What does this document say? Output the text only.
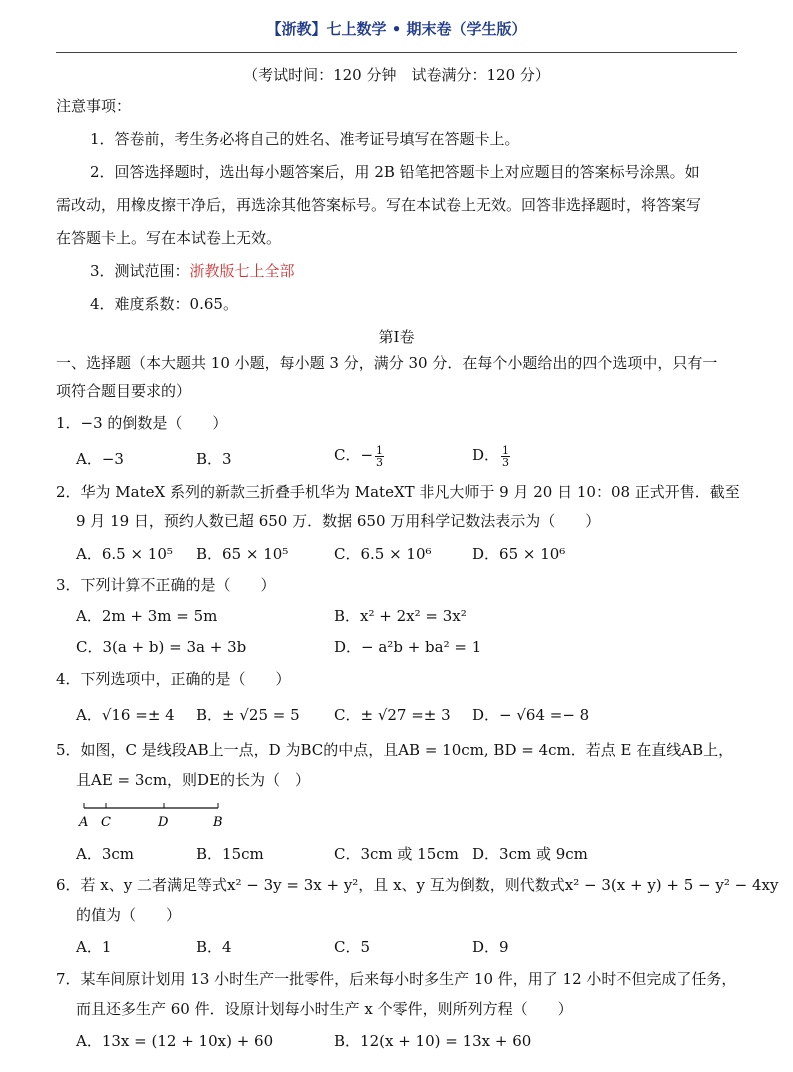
【浙教】七上数学 • 期末卷（学生版）
（考试时间：120 分钟　试卷满分：120 分）
注意事项：
1．答卷前，考生务必将自己的姓名、准考证号填写在答题卡上。
2．回答选择题时，选出每小题答案后，用 2B 铅笔把答题卡上对应题目的答案标号涂黑。如
需改动，用橡皮擦干净后，再选涂其他答案标号。写在本试卷上无效。回答非选择题时，将答案写
在答题卡上。写在本试卷上无效。
3．测试范围：浙教版七上全部
4．难度系数：0.65。
第Ⅰ卷
一、选择题（本大题共 10 小题，每小题 3 分，满分 30 分．在每个小题给出的四个选项中，只有一
项符合题目要求的）
1．−3 的倒数是（　　）
A．−3	B．3	C．− $\frac{1}{3}$	D． $\frac{1}{3}$
2．华为 MateX 系列的新款三折叠手机华为 MateXT 非凡大师于 9 月 20 日 10：08 正式开售．截至
9 月 19 日，预约人数已超 650 万．数据 650 万用科学记数法表示为（　　）
A．6.5 × 10⁵ B．65 × 10⁵	C．6.5 × 10⁶	D．65 × 10⁶
3．下列计算不正确的是（　　）
A．2m + 3m = 5m	B．x² + 2x² = 3x²
C．3(a + b) = 3a + 3b	D．− a²b + ba² = 1
4．下列选项中，正确的是（　　）
A．√16 =± 4 B．± √25 = 5 C．± √27 =± 3 D．− √64 =− 8
5．如图，C 是线段AB上一点，D 为BC的中点，且AB = 10cm, BD = 4cm．若点 E 在直线AB上，
且AE = 3cm，则DE的长为（　）
A C	D	B
A．3cm	B．15cm	C．3cm 或 15cm D．3cm 或 9cm
6．若 x、y 二者满足等式x² − 3y = 3x + y²，且 x、y 互为倒数，则代数式x² − 3(x + y) + 5 − y² − 4xy
的值为（　　）
A．1	B．4	C．5	D．9
7．某车间原计划用 13 小时生产一批零件，后来每小时多生产 10 件，用了 12 小时不但完成了任务，
而且还多生产 60 件．设原计划每小时生产 x 个零件，则所列方程（　　）
A．13x = (12 + 10x) + 60	B．12(x + 10) = 13x + 60
